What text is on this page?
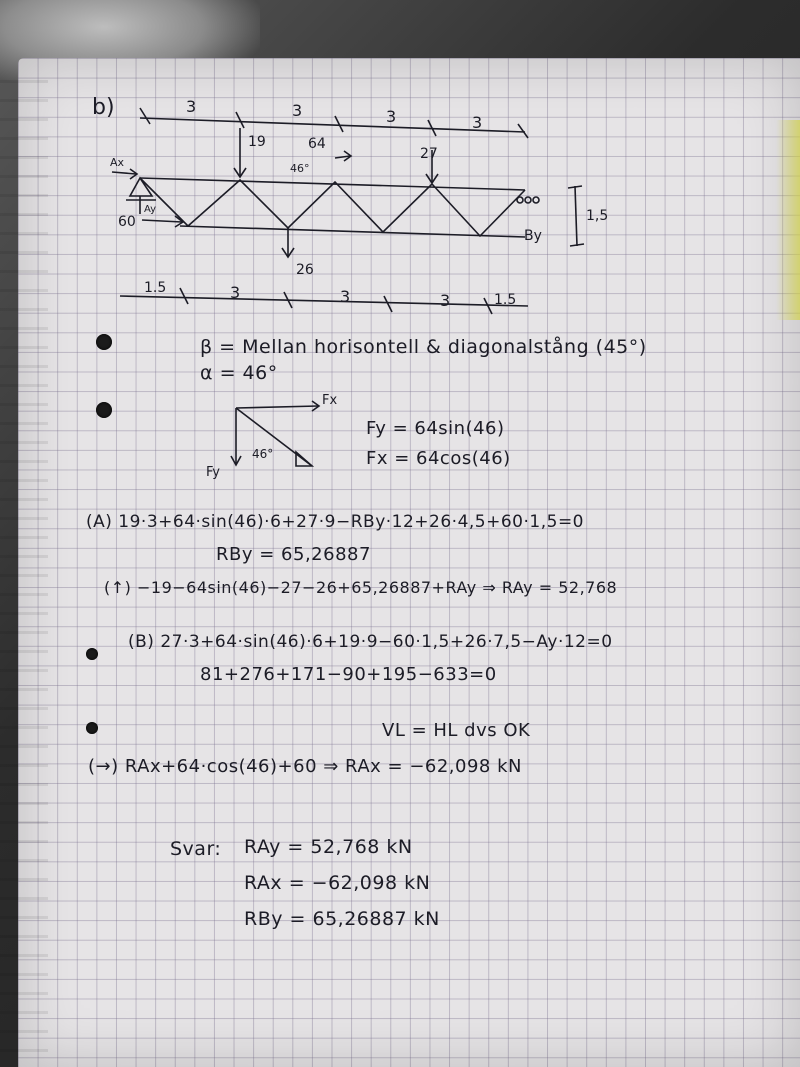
b)	3	3	3	3
19	64
46°
27
26
60
Ax
Ay
By
1,5
1.5	3	3	3	1.5
Fx
Fy
46°
β = Mellan horisontell & diagonalstång (45°)
α = 46°
Fy = 64sin(46)
Fx = 64cos(46)
(A) 19·3+64·sin(46)·6+27·9−RBy·12+26·4,5+60·1,5=0
RBy = 65,26887
(↑) −19−64sin(46)−27−26+65,26887+RAy ⇒ RAy = 52,768
(B) 27·3+64·sin(46)·6+19·9−60·1,5+26·7,5−Ay·12=0
81+276+171−90+195−633=0
VL = HL dvs OK
(→) RAx+64·cos(46)+60 ⇒ RAx = −62,098 kN
Svar: RAy = 52,768 kN
RAx = −62,098 kN
RBy = 65,26887 kN
